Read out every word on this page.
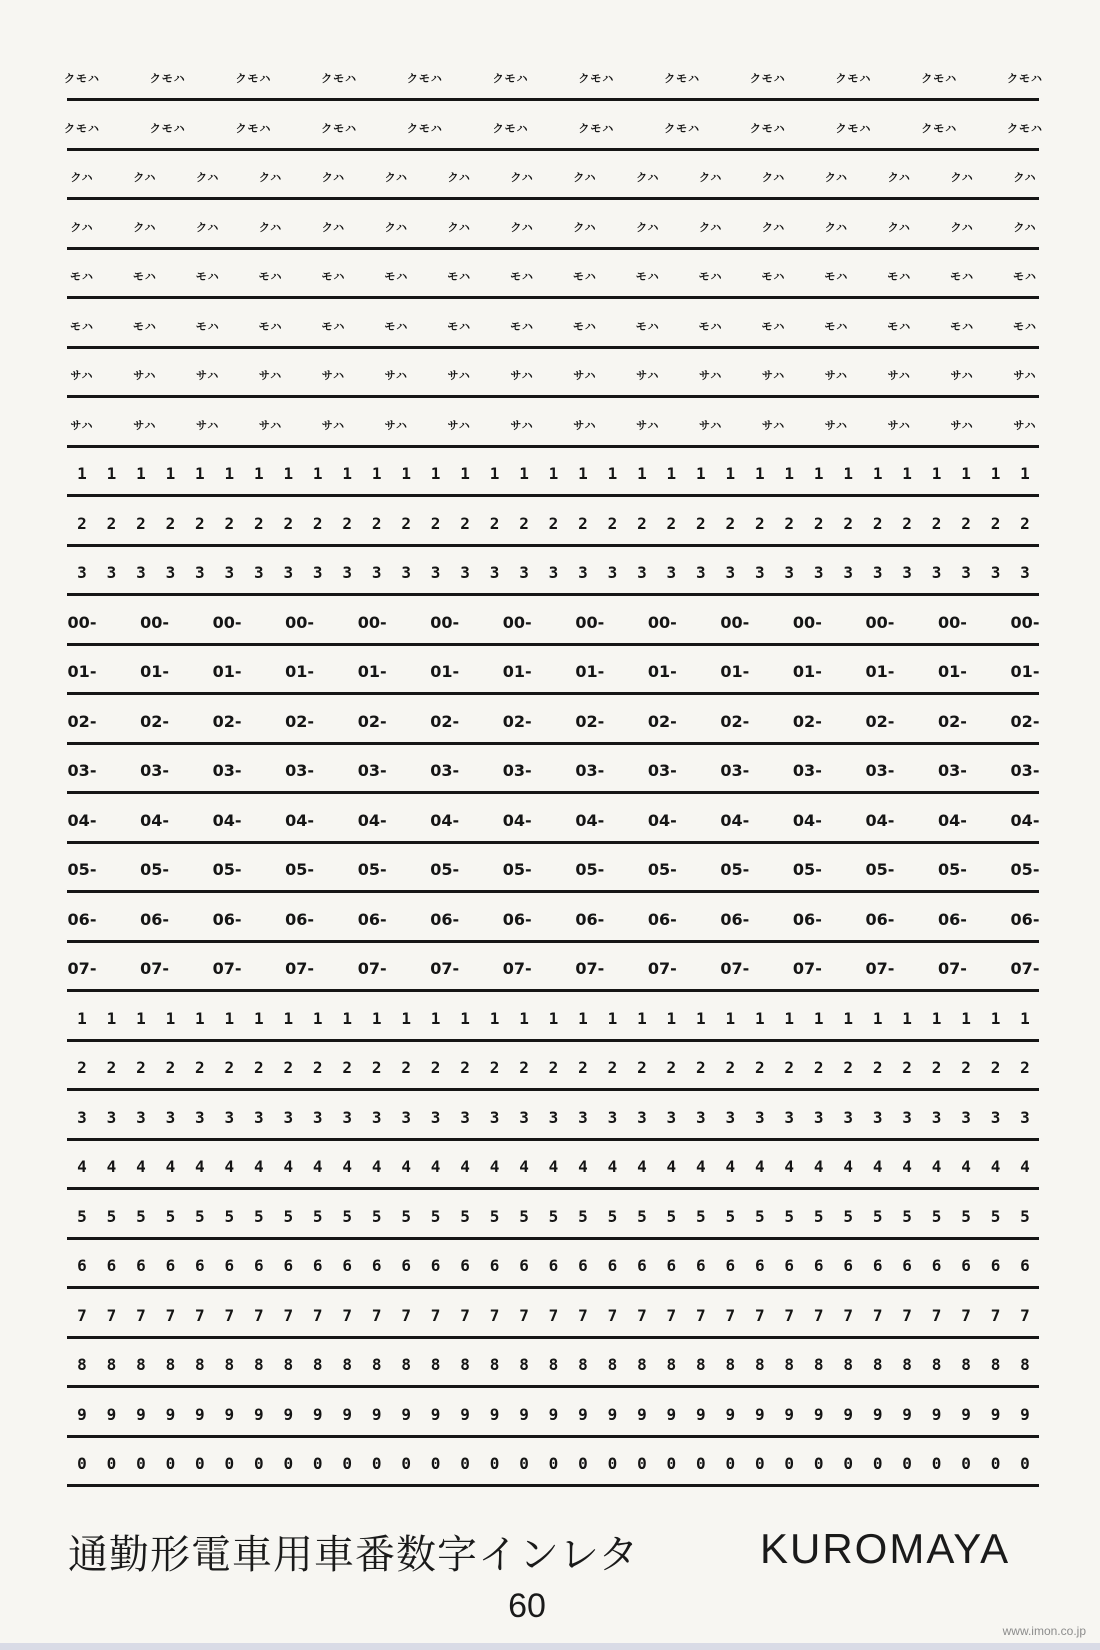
クモハ	クモハ	クモハ	クモハ	クモハ	クモハ	クモハ	クモハ	クモハ	クモハ	クモハ	クモハ
クモハ	クモハ	クモハ	クモハ	クモハ	クモハ	クモハ	クモハ	クモハ	クモハ	クモハ	クモハ
クハ	クハ	クハ	クハ	クハ	クハ	クハ	クハ	クハ	クハ	クハ	クハ	クハ	クハ	クハ	クハ
クハ	クハ	クハ	クハ	クハ	クハ	クハ	クハ	クハ	クハ	クハ	クハ	クハ	クハ	クハ	クハ
モハ	モハ	モハ	モハ	モハ	モハ	モハ	モハ	モハ	モハ	モハ	モハ	モハ	モハ	モハ	モハ
モハ	モハ	モハ	モハ	モハ	モハ	モハ	モハ	モハ	モハ	モハ	モハ	モハ	モハ	モハ	モハ
サハ	サハ	サハ	サハ	サハ	サハ	サハ	サハ	サハ	サハ	サハ	サハ	サハ	サハ	サハ	サハ
サハ	サハ	サハ	サハ	サハ	サハ	サハ	サハ	サハ	サハ	サハ	サハ	サハ	サハ	サハ	サハ
1 1 1 1 1 1 1 1 1 1 1 1 1 1 1 1 1 1 1 1 1 1 1 1 1 1 1 1 1 1 1 1 1
2 2 2 2 2 2 2 2 2 2 2 2 2 2 2 2 2 2 2 2 2 2 2 2 2 2 2 2 2 2 2 2 2
3 3 3 3 3 3 3 3 3 3 3 3 3 3 3 3 3 3 3 3 3 3 3 3 3 3 3 3 3 3 3 3 3
00-	00-	00-	00-	00-	00-	00-	00-	00-	00-	00-	00-	00-	00-
01-	01-	01-	01-	01-	01-	01-	01-	01-	01-	01-	01-	01-	01-
02-	02-	02-	02-	02-	02-	02-	02-	02-	02-	02-	02-	02-	02-
03-	03-	03-	03-	03-	03-	03-	03-	03-	03-	03-	03-	03-	03-
04-	04-	04-	04-	04-	04-	04-	04-	04-	04-	04-	04-	04-	04-
05-	05-	05-	05-	05-	05-	05-	05-	05-	05-	05-	05-	05-	05-
06-	06-	06-	06-	06-	06-	06-	06-	06-	06-	06-	06-	06-	06-
07-	07-	07-	07-	07-	07-	07-	07-	07-	07-	07-	07-	07-	07-
1 1 1 1 1 1 1 1 1 1 1 1 1 1 1 1 1 1 1 1 1 1 1 1 1 1 1 1 1 1 1 1 1
2 2 2 2 2 2 2 2 2 2 2 2 2 2 2 2 2 2 2 2 2 2 2 2 2 2 2 2 2 2 2 2 2
3 3 3 3 3 3 3 3 3 3 3 3 3 3 3 3 3 3 3 3 3 3 3 3 3 3 3 3 3 3 3 3 3
4 4 4 4 4 4 4 4 4 4 4 4 4 4 4 4 4 4 4 4 4 4 4 4 4 4 4 4 4 4 4 4 4
5 5 5 5 5 5 5 5 5 5 5 5 5 5 5 5 5 5 5 5 5 5 5 5 5 5 5 5 5 5 5 5 5
6 6 6 6 6 6 6 6 6 6 6 6 6 6 6 6 6 6 6 6 6 6 6 6 6 6 6 6 6 6 6 6 6
7 7 7 7 7 7 7 7 7 7 7 7 7 7 7 7 7 7 7 7 7 7 7 7 7 7 7 7 7 7 7 7 7
8 8 8 8 8 8 8 8 8 8 8 8 8 8 8 8 8 8 8 8 8 8 8 8 8 8 8 8 8 8 8 8 8
9 9 9 9 9 9 9 9 9 9 9 9 9 9 9 9 9 9 9 9 9 9 9 9 9 9 9 9 9 9 9 9 9
0 0 0 0 0 0 0 0 0 0 0 0 0 0 0 0 0 0 0 0 0 0 0 0 0 0 0 0 0 0 0 0 0
通勤形電車用車番数字インレタ	KUROMAYA
60
www.imon.co.jp
